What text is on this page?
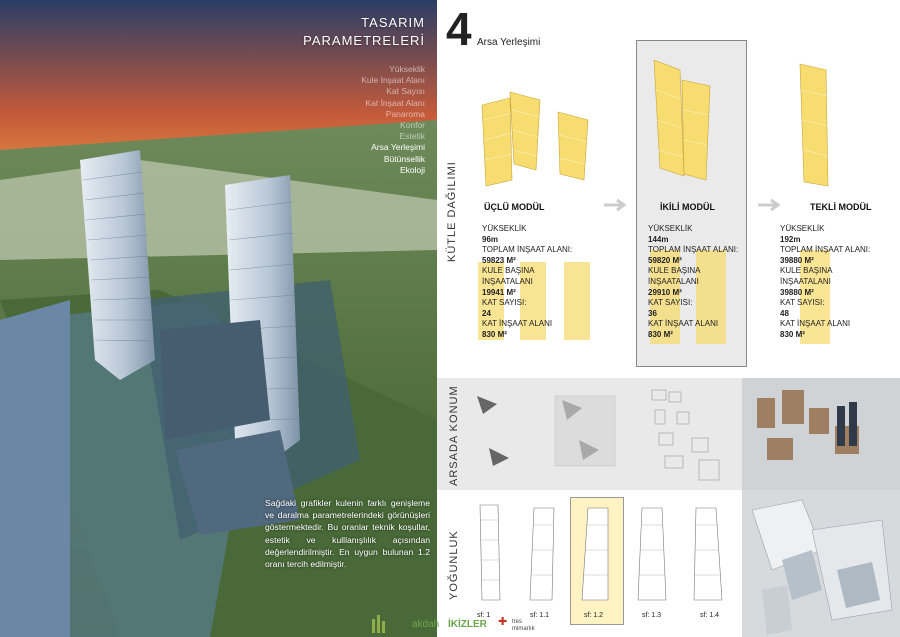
TASARIM
PARAMETRELERİ
Yükseklik
Kule İnşaat Alanı
Kat Sayısı
Kat İnşaat Alanı
Panaroma
Konfor
Estetik
Arsa Yerleşimi
Bütünsellik
Ekoloji
Sağdaki grafikler kulenin farklı genişleme ve daralma parametrelerindeki görünüşleri göstermektedir. Bu oranlar teknik koşullar, estetik ve kulllanışlılık açısından değerlendirilmiştir. En uygun bulunan 1.2 oranı tercih edilmiştir.
4 Arsa Yerleşimi
KÜTLE DAĞILIMI	ÜÇLÜ MODÜL	İKİLİ MODÜL	TEKLİ MODÜL
YÜKSEKLİK
96m
TOPLAM İNŞAAT ALANI:
59823 M²
KULE BAŞINA
İNŞAATALANI
19941 M²
KAT SAYISI:
24
KAT İNŞAAT ALANI
830 M²
YÜKSEKLİK
144m
TOPLAM İNŞAAT ALANI:
59820 M²
KULE BAŞINA
İNŞAATALANI
29910 M²
KAT SAYISI:
36
KAT İNŞAAT ALANI
830 M²
YÜKSEKLİK
192m
TOPLAM İNŞAAT ALANI:
39880 M²
KULE BAŞINA
İNŞAATALANI
39880 M²
KAT SAYISI:
48
KAT İNŞAAT ALANI
830 M²
ARSADA KONUM
YOĞUNLUK
sf: 1	sf: 1.1	sf: 1.2	sf: 1.3	sf: 1.4
akdah İKİZLER ✚ tres mimarlık
